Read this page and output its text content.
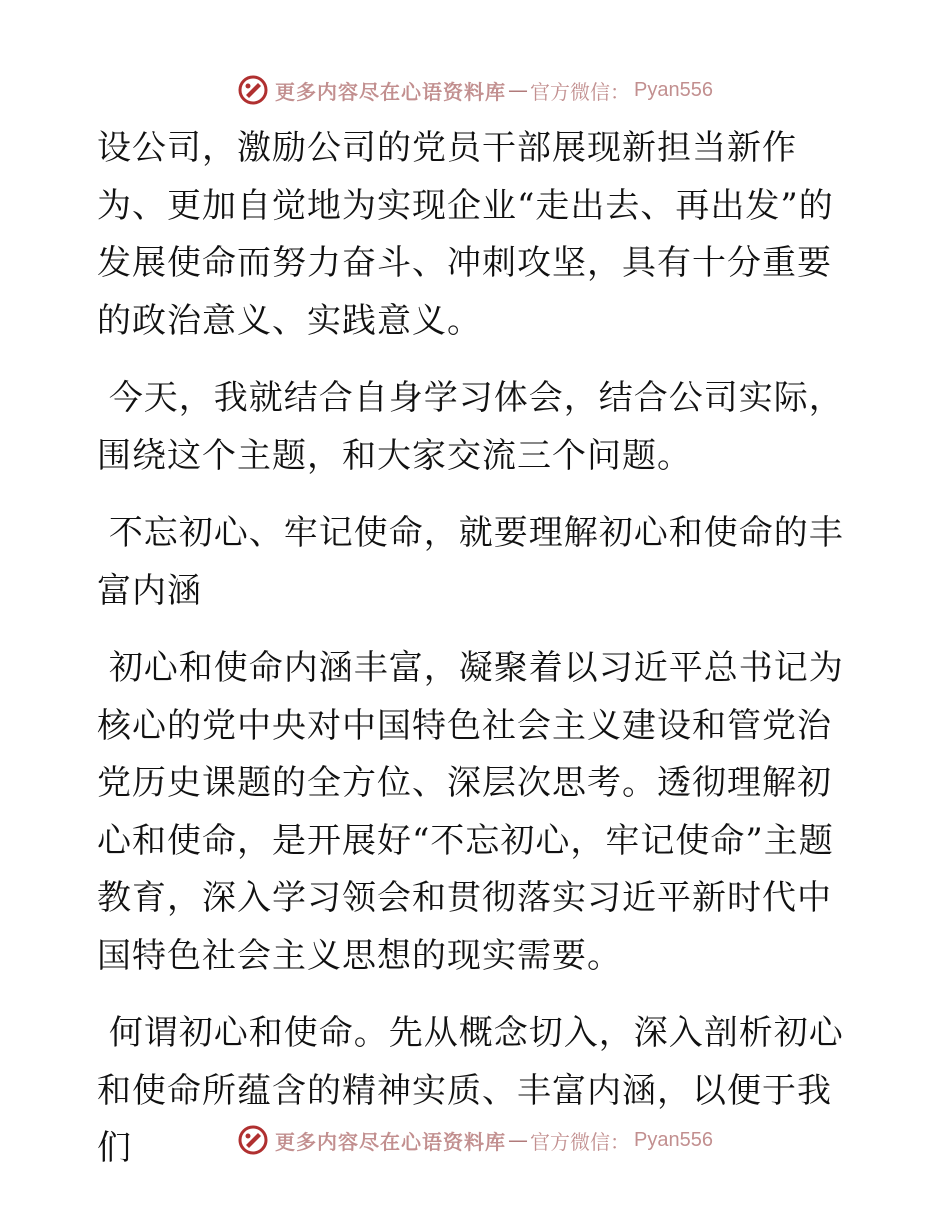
更多内容尽在心语资料库 — 官方微信： Pyan556

设公司，激励公司的党员干部展现新担当新作为、更加自觉地为实现企业“走出去、再出发”的发展使命而努力奋斗、冲刺攻坚，具有十分重要的政治意义、实践意义。

今天，我就结合自身学习体会，结合公司实际，围绕这个主题，和大家交流三个问题。

不忘初心、牢记使命，就要理解初心和使命的丰富内涵

初心和使命内涵丰富，凝聚着以习近平总书记为核心的党中央对中国特色社会主义建设和管党治党历史课题的全方位、深层次思考。透彻理解初心和使命，是开展好“不忘初心，牢记使命”主题教育，深入学习领会和贯彻落实习近平新时代中国特色社会主义思想的现实需要。

何谓初心和使命。先从概念切入，深入剖析初心和使命所蕴含的精神实质、丰富内涵，以便于我们	更多内容尽在心语资料库 — 官方微信： Pyan556
